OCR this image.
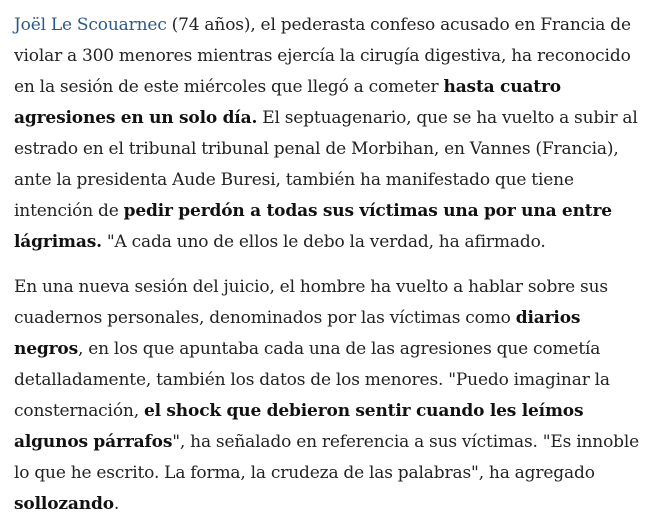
Joël Le Scouarnec (74 años), el pederasta confeso acusado en Francia de violar a 300 menores mientras ejercía la cirugía digestiva, ha reconocido en la sesión de este miércoles que llegó a cometer hasta cuatro agresiones en un solo día. El septuagenario, que se ha vuelto a subir al estrado en el tribunal tribunal penal de Morbihan, en Vannes (Francia), ante la presidenta Aude Buresi, también ha manifestado que tiene intención de pedir perdón a todas sus víctimas una por una entre lágrimas. "A cada uno de ellos le debo la verdad, ha afirmado.

En una nueva sesión del juicio, el hombre ha vuelto a hablar sobre sus cuadernos personales, denominados por las víctimas como diarios negros, en los que apuntaba cada una de las agresiones que cometía detalladamente, también los datos de los menores. "Puedo imaginar la consternación, el shock que debieron sentir cuando les leímos algunos párrafos", ha señalado en referencia a sus víctimas. "Es innoble lo que he escrito. La forma, la crudeza de las palabras", ha agregado sollozando.
